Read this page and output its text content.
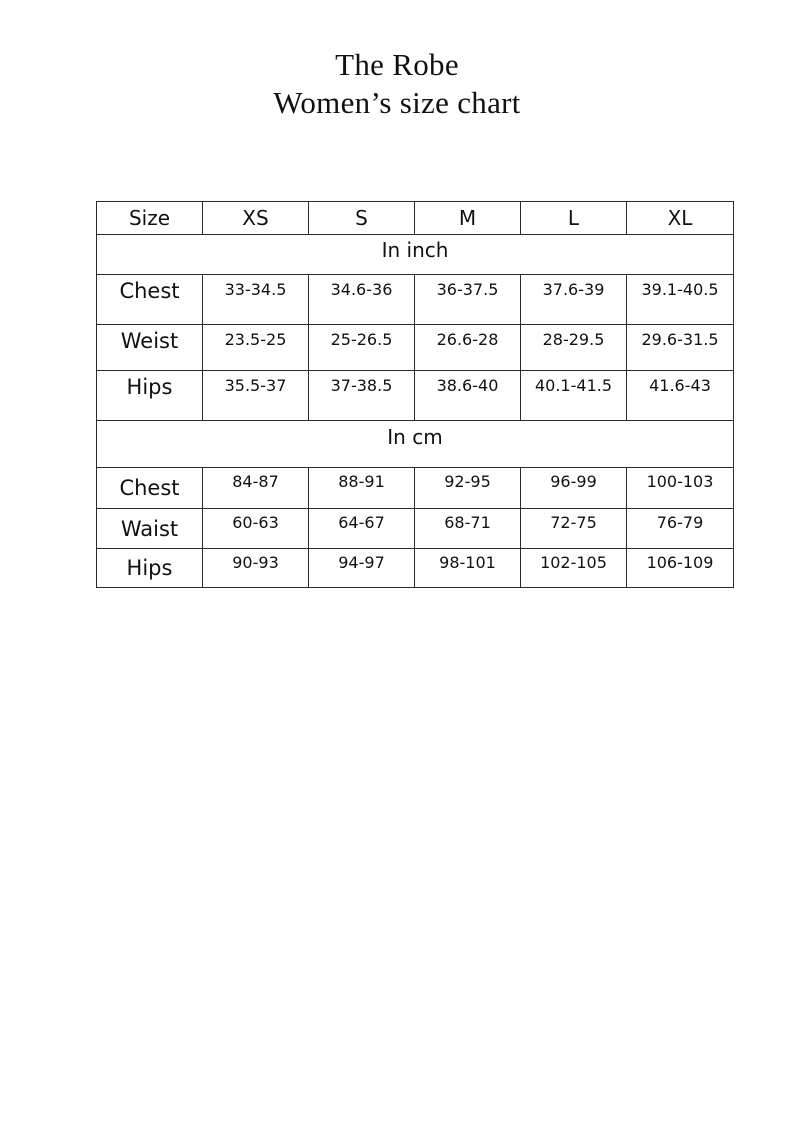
The Robe
Women’s size chart
Size	XS	S	M	L	XL
In inch					
Chest	33-34.5	34.6-36	36-37.5	37.6-39	39.1-40.5
Weist	23.5-25	25-26.5	26.6-28	28-29.5	29.6-31.5
Hips	35.5-37	37-38.5	38.6-40	40.1-41.5	41.6-43
In cm					
Chest	84-87	88-91	92-95	96-99	100-103
Waist	60-63	64-67	68-71	72-75	76-79
Hips	90-93	94-97	98-101	102-105	106-109
